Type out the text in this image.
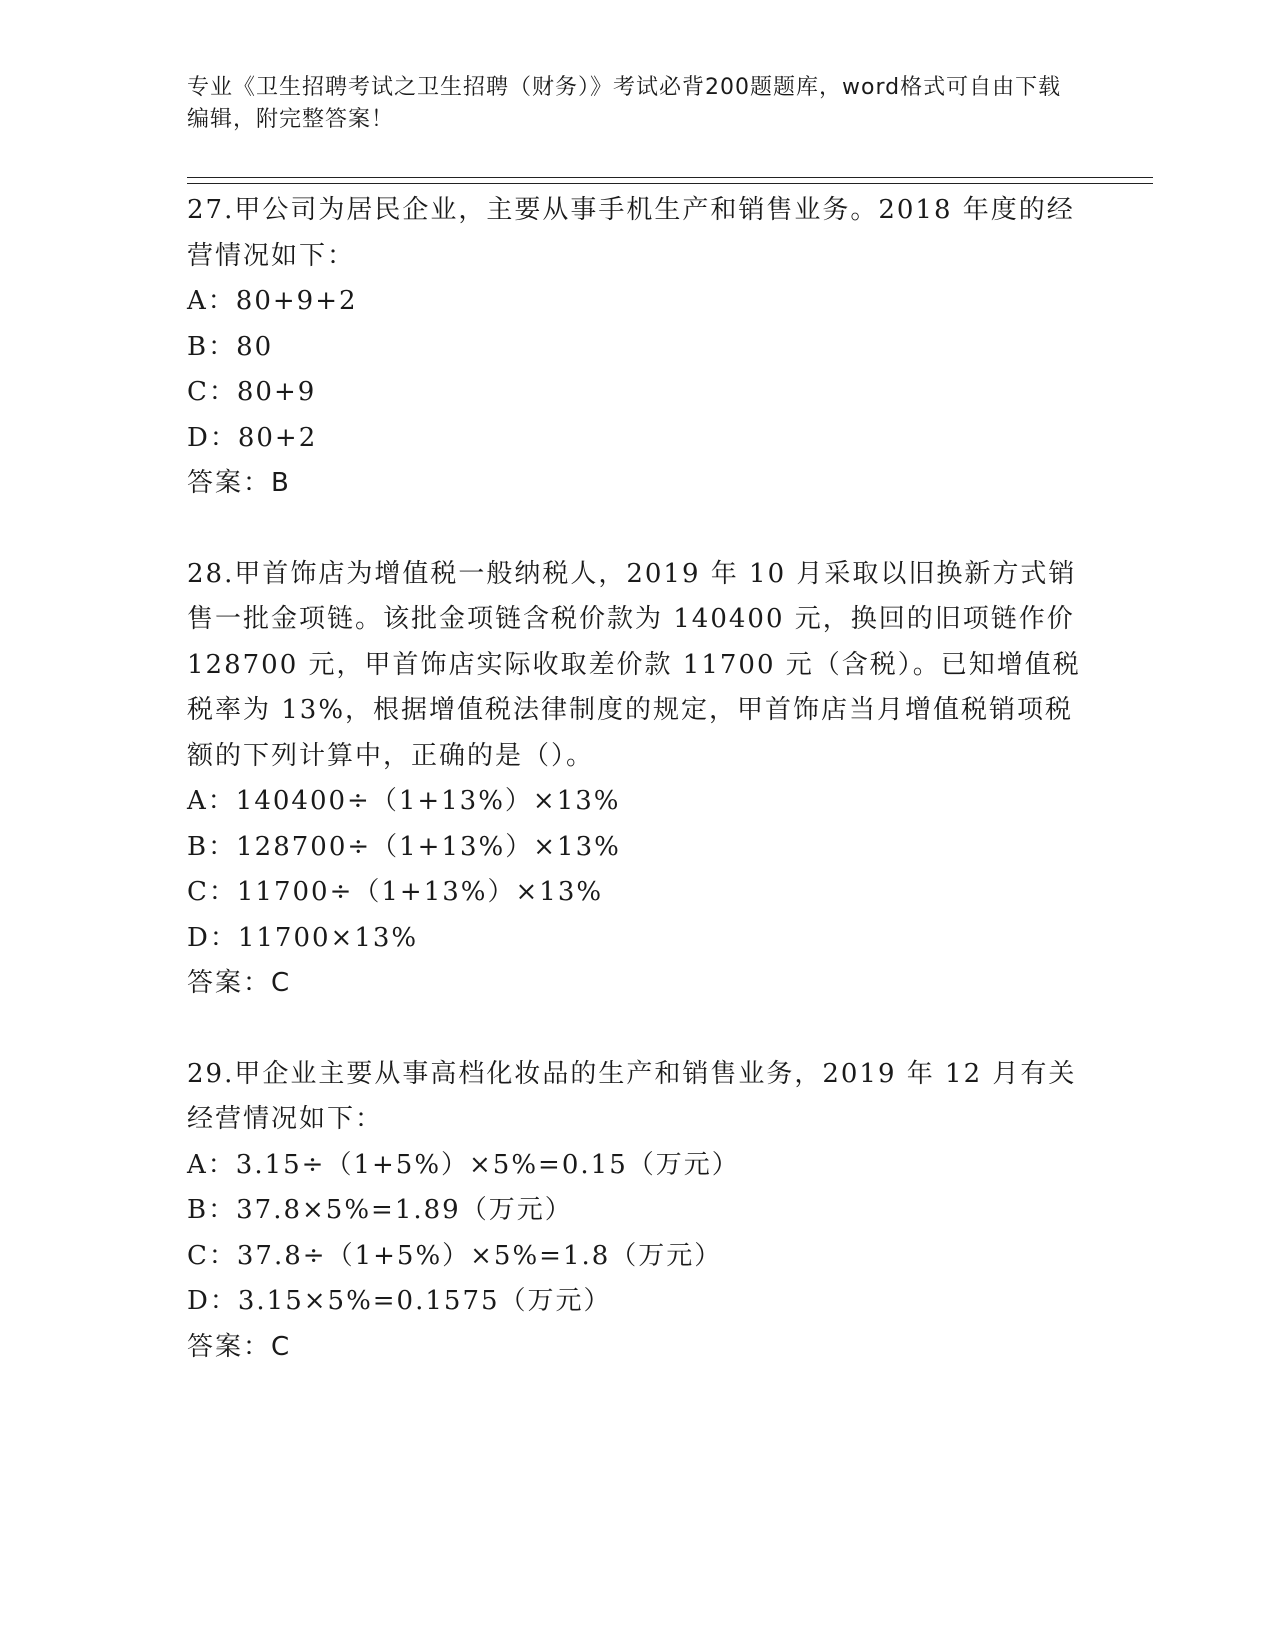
专业《卫生招聘考试之卫生招聘（财务）》考试必背200题题库，word格式可自由下载编辑，附完整答案！

27.甲公司为居民企业，主要从事手机生产和销售业务。2018 年度的经营情况如下：

A：80+9+2

B：80

C：80+9

D：80+2

答案：B

28.甲首饰店为增值税一般纳税人，2019 年 10 月采取以旧换新方式销售一批金项链。该批金项链含税价款为 140400 元，换回的旧项链作价 128700 元，甲首饰店实际收取差价款 11700 元（含税）。已知增值税税率为 13%，根据增值税法律制度的规定，甲首饰店当月增值税销项税额的下列计算中，正确的是（）。

A：140400÷（1+13%）×13%

B：128700÷（1+13%）×13%

C：11700÷（1+13%）×13%

D：11700×13%

答案：C

29.甲企业主要从事高档化妆品的生产和销售业务，2019 年 12 月有关经营情况如下：

A：3.15÷（1+5%）×5%=0.15（万元）

B：37.8×5%=1.89（万元）

C：37.8÷（1+5%）×5%=1.8（万元）

D：3.15×5%=0.1575（万元）

答案：C
